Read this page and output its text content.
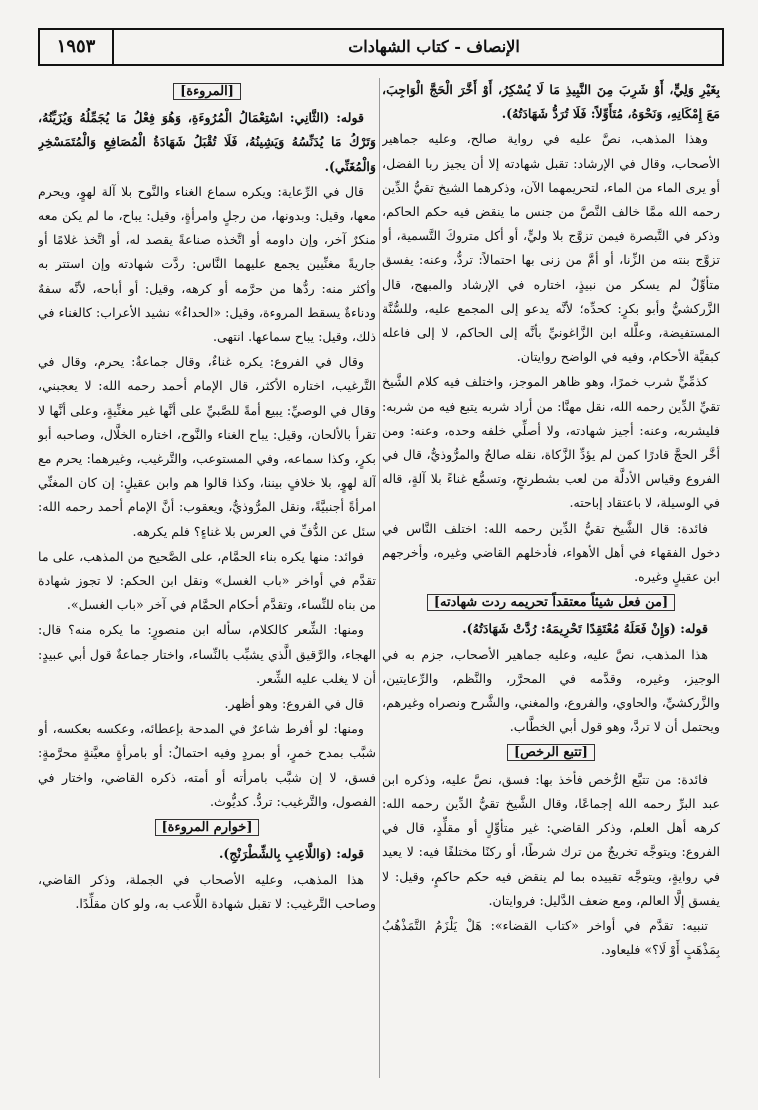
الإنصاف - كتاب الشهادات
١٩٥٣

بِغَيْرِ وَلِيٍّ، أَوْ شَرِبَ مِنَ النَّبِيذِ مَا لَا يُسْكِرُ، أَوْ أَخَّرَ الْحَجَّ الْوَاجِبَ، مَعَ إِمْكَانِهِ، وَنَحْوَهُ، مُتَأَوِّلاً: فَلَا تُرَدُّ شَهَادَتُهُ).

وهذا المذهب، نصَّ عليه في رواية صالح، وعليه جماهير الأصحاب، وقال في الإرشاد: تقبل شهادته إلا أن يجيز ربا الفضل، أو يرى الماء من الماء، لتحريمهما الآن، وذكرهما الشيخ تقيُّ الدِّين رحمه الله ممَّا خالف النَّصَّ من جنس ما ينقض فيه حكم الحاكم، وذكر في التَّبصرة فيمن تزوَّج بلا وليٍّ، أو أكل متروكَ التَّسمية، أو تزوَّج بنته من الزِّنا، أو أمَّ من زنى بها احتمالاً: تردُّ، وعنه: يفسق متأوِّلٌ لم يسكر من نبيذٍ، اختاره في الإرشاد والمبهج، قال الزَّركشيُّ وأبو بكرٍ: كحدِّه؛ لأنَّه يدعو إلى المجمع عليه، وللسُّنَّة المستفيضة، وعلَّله ابن الزَّاغونيِّ بأنَّه إلى الحاكم، لا إلى فاعله كبقيَّة الأحكام، وفيه في الواضح روايتان.

كذمِّيٍّ شرب خمرًا، وهو ظاهر الموجز، واختلف فيه كلام الشَّيخ تقيِّ الدِّين رحمه الله، نقل مهنَّا: من أراد شربه يتبع فيه من شربه: فليشربه، وعنه: أجيز شهادته، ولا أصلِّي خلفه وحده، وعنه: ومن أخَّر الحجَّ قادرًا كمن لم يؤدِّ الزَّكاة، نقله صالحٌ والمرُّوذيُّ، قال في الفروع وقياس الأدلَّة من لعب بشطرنجٍ، وتسمُّع غناءً بلا آلةٍ، قاله في الوسيلة، لا باعتقاد إباحته.

فائدة: قال الشَّيخ تقيُّ الدِّين رحمه الله: اختلف النَّاس في دخول الفقهاء في أهل الأهواء، فأدخلهم القاضي وغيره، وأخرجهم ابن عقيلٍ وغيره.

[من فعل شيئاً معتقداً تحريمه ردت شهادته]

قوله: (وَإِنْ فَعَلَهُ مُعْتَقِدًا تَحْرِيمَهُ: رُدَّتْ شَهَادَتُهُ).

هذا المذهب، نصَّ عليه، وعليه جماهير الأصحاب، جزم به في الوجيز، وغيره، وقدَّمه في المحرَّر، والنَّظم، والرِّعايتين، والزَّركشيِّ، والحاوي، والفروع، والمغني، والشَّرح ونصراه وغيرهم، ويحتمل أن لا تردَّ، وهو قول أبي الخطَّاب.

[تتبع الرخص]

فائدة: من تتبَّع الرُّخص فأخذ بها: فسق، نصَّ عليه، وذكره ابن عبد البرِّ رحمه الله إجماعًا، وقال الشَّيخ تقيُّ الدِّين رحمه الله: كرهه أهل العلم، وذكر القاضي: غير متأوِّلٍ أو مقلِّدٍ، قال في الفروع: ويتوجَّه تخريجٌ من ترك شرطًا، أو ركنًا مختلفًا فيه: لا يعيد في روايةٍ، ويتوجَّه تقييده بما لم ينقض فيه حكم حاكمٍ، وقيل: لا يفسق إلَّا العالم، ومع ضعف الدَّليل: فروايتان.

تنبيه: تقدَّم في أواخر «كتاب القضاء»: هَلْ يَلْزَمُ التَّمَذْهُبُ بِمَذْهَبٍ أَوْ لَا؟» فليعاود.

[المروءة]

قوله: (الثَّانِي: اسْتِعْمَالُ الْمُرُوءَةِ، وَهُوَ فِعْلُ مَا يُجَمِّلُهُ وَيُزَيِّنُهُ، وَتَرْكُ مَا يُدَنِّسُهُ وَيَشِينُهُ، فَلَا تُقْبَلُ شَهَادَةُ الْمُصَافِعِ وَالْمُتَمَسْخِرِ وَالْمُغَنِّي).

قال في الرِّعاية: ويكره سماع الغناء والنَّوح بلا آلة لهوٍ، ويحرم معها، وقيل: وبدونها، من رجلٍ وامرأةٍ، وقيل: يباح، ما لم يكن معه منكرٌ آخر، وإن داومه أو اتَّخذه صناعةً يقصد له، أو اتَّخذ غلامًا أو جاريةً مغنِّيين يجمع عليهما النَّاس: ردَّت شهادته وإن استتر به وأكثر منه: ردُّها من حرَّمه أو كرهه، وقيل: أو أباحه، لأنَّه سفهٌ ودناءةٌ يسقط المروءة، وقيل: «الحداءُ» نشيد الأعراب: كالغناء في ذلك، وقيل: يباح سماعها. انتهى.

وقال في الفروع: يكره غناءٌ، وقال جماعةٌ: يحرم، وقال في التَّرغيب، اختاره الأكثر، قال الإمام أحمد رحمه الله: لا يعجبني، وقال في الوصيِّ: يبيع أمةً للصَّبيِّ على أنَّها غير مغنِّيةٍ، وعلى أنَّها لا تقرأ بالألحان، وقيل: يباح الغناء والنَّوح، اختاره الخلَّال، وصاحبه أبو بكرٍ، وكذا سماعه، وفي المستوعب، والتَّرغيب، وغيرهما: يحرم مع آلة لهوٍ، بلا خلافٍ بيننا، وكذا قالوا هم وابن عقيلٍ: إن كان المغنِّي امرأةً أجنبيَّةً، ونقل المرُّوذيُّ، ويعقوب: أنَّ الإمام أحمد رحمه الله: سئل عن الدُّفِّ في العرس بلا غناءٍ؟ فلم يكرهه.

فوائد: منها يكره بناء الحمَّام، على الصَّحيح من المذهب، على ما تقدَّم في أواخر «باب الغسل» ونقل ابن الحكم: لا تجوز شهادة من بناه للنِّساء، وتقدَّم أحكام الحمَّام في آخر «باب الغسل».

ومنها: الشِّعر كالكلام، سأله ابن منصورٍ: ما يكره منه؟ قال: الهجاء، والرَّقيق الَّذي يشبِّب بالنِّساء، واختار جماعةٌ قول أبي عبيدٍ: أن لا يغلب عليه الشِّعر.

قال في الفروع: وهو أظهر.

ومنها: لو أفرط شاعرٌ في المدحة بإعطائه، وعكسه بعكسه، أو شبَّب بمدح خمرٍ، أو بمردٍ وفيه احتمالٌ: أو بامرأةٍ معيَّنةٍ محرَّمةٍ: فسق، لا إن شبَّب بامرأته أو أمته، ذكره القاضي، واختار في الفصول، والتَّرغيب: تردُّ. كديُّوث.

[خوارم المروءة]

قوله: (وَاللَّاعِبِ بِالشِّطْرَنْجِ).

هذا المذهب، وعليه الأصحاب في الجملة، وذكر القاضي، وصاحب التَّرغيب: لا تقبل شهادة اللَّاعب به، ولو كان مقلِّدًا.
